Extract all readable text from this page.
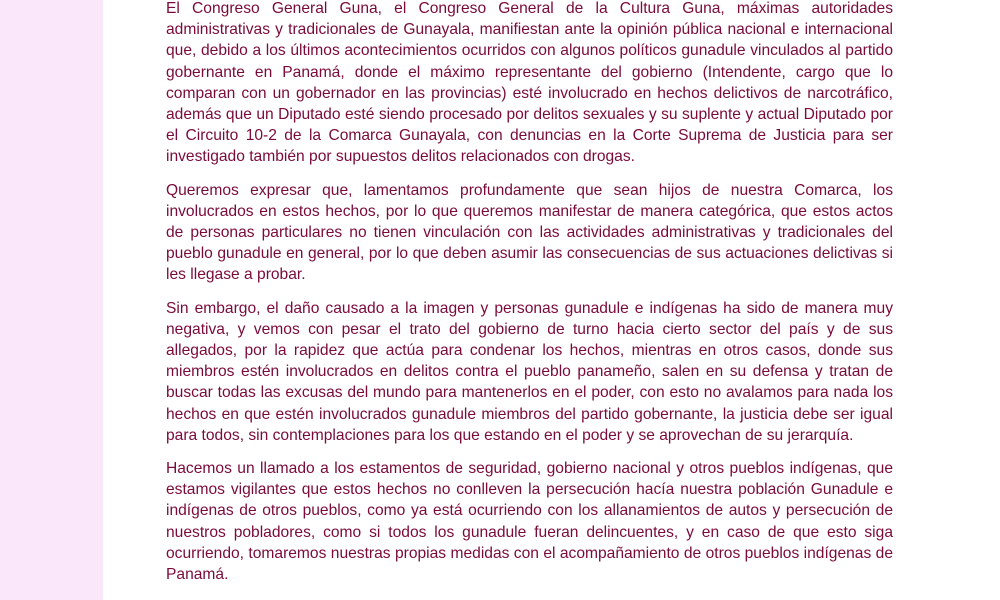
El Congreso General Guna, el Congreso General de la Cultura Guna, máximas autoridades administrativas y tradicionales de Gunayala, manifiestan ante la opinión pública nacional e internacional que, debido a los últimos acontecimientos ocurridos con algunos políticos gunadule vinculados al partido gobernante en Panamá, donde el máximo representante del gobierno (Intendente, cargo que lo comparan con un gobernador en las provincias) esté involucrado en hechos delictivos de narcotráfico, además que un Diputado esté siendo procesado por delitos sexuales y su suplente y actual Diputado por el Circuito 10-2 de la Comarca Gunayala, con denuncias en la Corte Suprema de Justicia para ser investigado también por supuestos delitos relacionados con drogas.

Queremos expresar que, lamentamos profundamente que sean hijos de nuestra Comarca, los involucrados en estos hechos, por lo que queremos manifestar de manera categórica, que estos actos de personas particulares no tienen vinculación con las actividades administrativas y tradicionales del pueblo gunadule en general, por lo que deben asumir las consecuencias de sus actuaciones delictivas si les llegase a probar.

Sin embargo, el daño causado a la imagen y personas gunadule e indígenas ha sido de manera muy negativa, y vemos con pesar el trato del gobierno de turno hacia cierto sector del país y de sus allegados, por la rapidez que actúa para condenar los hechos, mientras en otros casos, donde sus miembros estén involucrados en delitos contra el pueblo panameño, salen en su defensa y tratan de buscar todas las excusas del mundo para mantenerlos en el poder, con esto no avalamos para nada los hechos en que estén involucrados gunadule miembros del partido gobernante, la justicia debe ser igual para todos, sin contemplaciones para los que estando en el poder y se aprovechan de su jerarquía.

Hacemos un llamado a los estamentos de seguridad, gobierno nacional y otros pueblos indígenas, que estamos vigilantes que estos hechos no conlleven la persecución hacía nuestra población Gunadule e indígenas de otros pueblos, como ya está ocurriendo con los allanamientos de autos y persecución de nuestros pobladores, como si todos los gunadule fueran delincuentes, y en caso de que esto siga ocurriendo, tomaremos nuestras propias medidas con el acompañamiento de otros pueblos indígenas de Panamá.
